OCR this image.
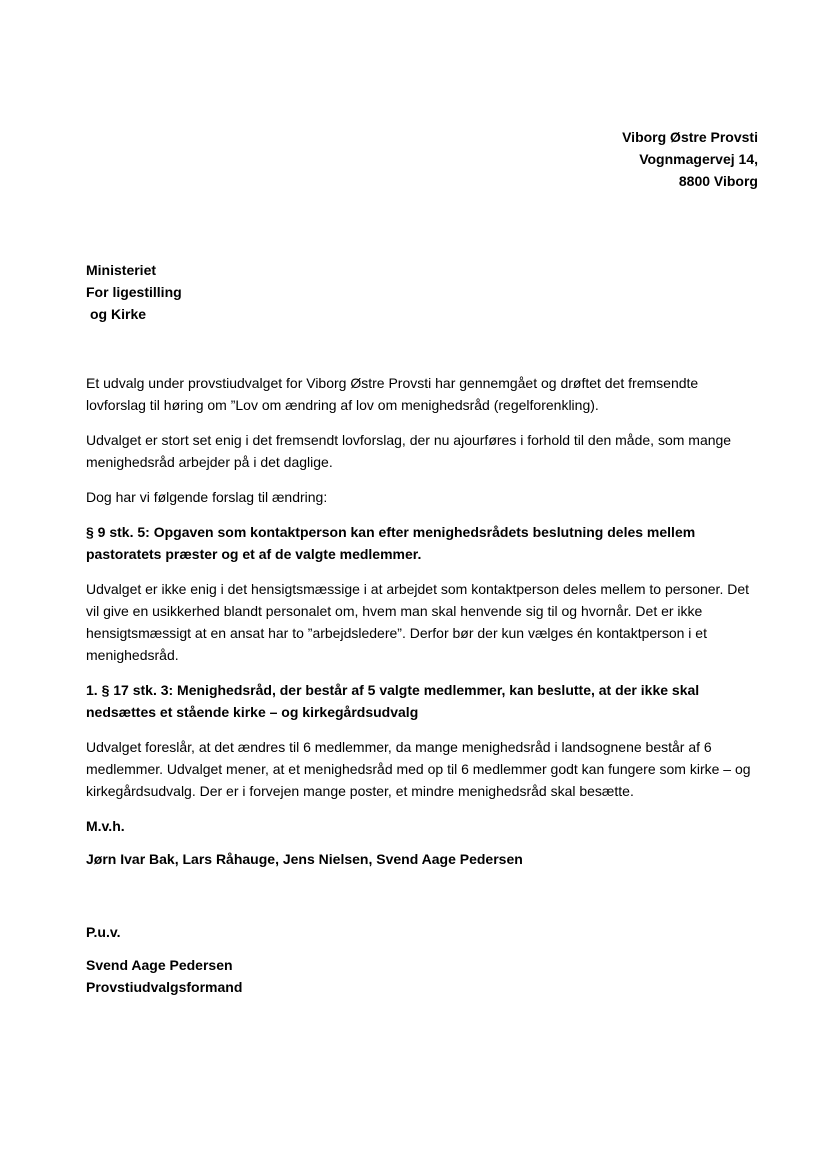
Viborg Østre Provsti
Vognmagervej 14,
8800 Viborg
Ministeriet
For ligestilling
og Kirke

Et udvalg under provstiudvalget for Viborg Østre Provsti har gennemgået og drøftet det fremsendte lovforslag til høring om ”Lov om ændring af lov om menighedsråd (regelforenkling).

Udvalget er stort set enig i det fremsendt lovforslag, der nu ajourføres i forhold til den måde, som mange menighedsråd arbejder på i det daglige.

Dog har vi følgende forslag til ændring:

§ 9 stk. 5: Opgaven som kontaktperson kan efter menighedsrådets beslutning deles mellem pastoratets præster og et af de valgte medlemmer.

Udvalget er ikke enig i det hensigtsmæssige i at arbejdet som kontaktperson deles mellem to personer. Det vil give en usikkerhed blandt personalet om, hvem man skal henvende sig til og hvornår. Det er ikke hensigtsmæssigt at en ansat har to ”arbejdsledere”. Derfor bør der kun vælges én kontaktperson i et menighedsråd.

1. § 17 stk. 3: Menighedsråd, der består af 5 valgte medlemmer, kan beslutte, at der ikke skal nedsættes et stående kirke – og kirkegårdsudvalg

Udvalget foreslår, at det ændres til 6 medlemmer, da mange menighedsråd i landsognene består af 6 medlemmer. Udvalget mener, at et menighedsråd med op til 6 medlemmer godt kan fungere som kirke – og kirkegårdsudvalg. Der er i forvejen mange poster, et mindre menighedsråd skal besætte.

M.v.h.

Jørn Ivar Bak, Lars Råhauge, Jens Nielsen, Svend Aage Pedersen

P.u.v.

Svend Aage Pedersen

Provstiudvalgsformand
